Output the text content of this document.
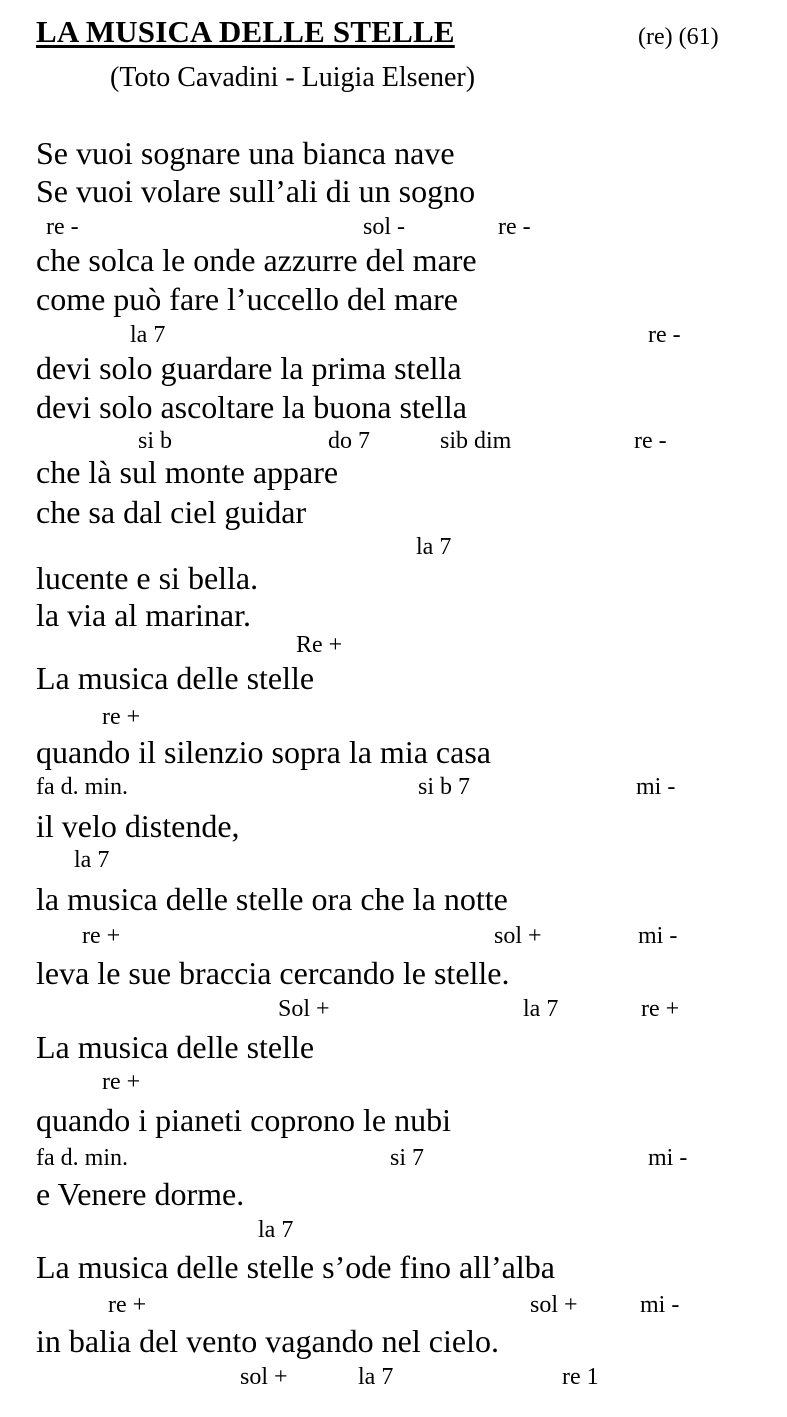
LA MUSICA DELLE STELLE	(re) (61)
(Toto Cavadini - Luigia Elsener)
Se vuoi sognare una bianca nave
Se vuoi volare sull’ali di un sogno
che solca le onde azzurre del mare
come può fare l’uccello del mare
devi solo guardare la prima stella
devi solo ascoltare la buona stella
che là sul monte appare
che sa dal ciel guidar
lucente e si bella.
la via al marinar.
La musica delle stelle
quando il silenzio sopra la mia casa
il velo distende,
la musica delle stelle ora che la notte
leva le sue braccia cercando le stelle.
La musica delle stelle
quando i pianeti coprono le nubi
e Venere dorme.
La musica delle stelle s’ode fino all’alba
in balia del vento vagando nel cielo.
re -	sol -	re -
la 7	re -
si b	do 7	sib dim	re -
la 7
Re +
re +
fa d. min.	si b 7	mi -
la 7
re +	sol +	mi -
Sol +	la 7	re +
re +
fa d. min.	si 7	mi -
la 7
re +	sol +	mi -
sol +	la 7	re 1
